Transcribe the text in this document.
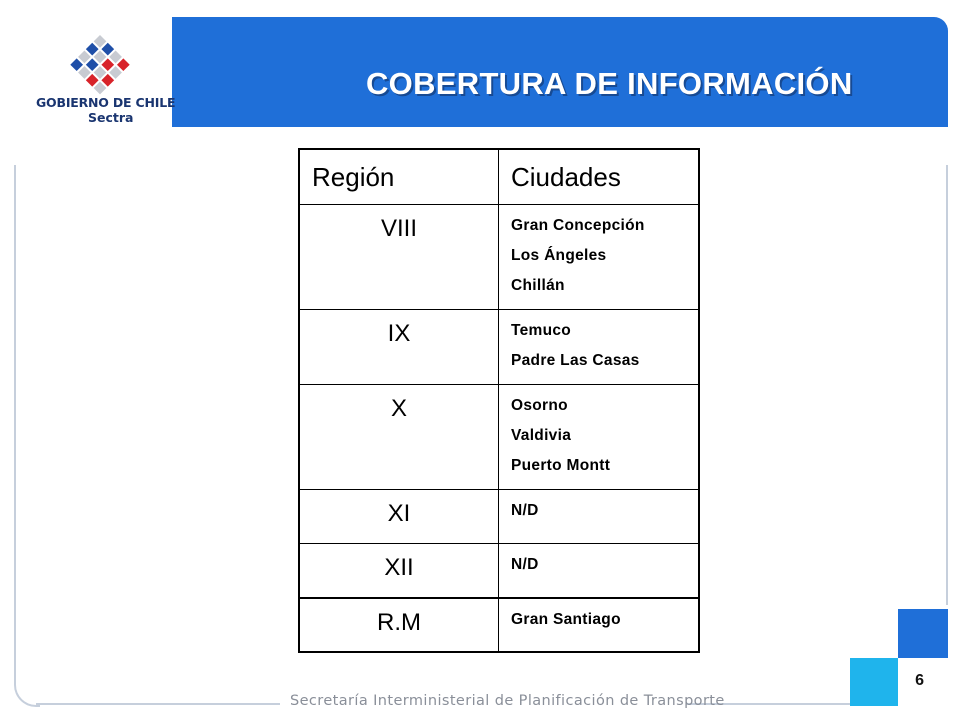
GOBIERNO DE CHILE
Sectra
COBERTURA DE INFORMACIÓN
Secretaría Interministerial de Planificación de Transporte
6
Región	Ciudades
VIII	Gran Concepción
Los Ángeles
Chillán

IX	Temuco
Padre Las Casas

X	Osorno
Valdivia
Puerto Montt

XI	N/D

XII	N/D

R.M	Gran Santiago
